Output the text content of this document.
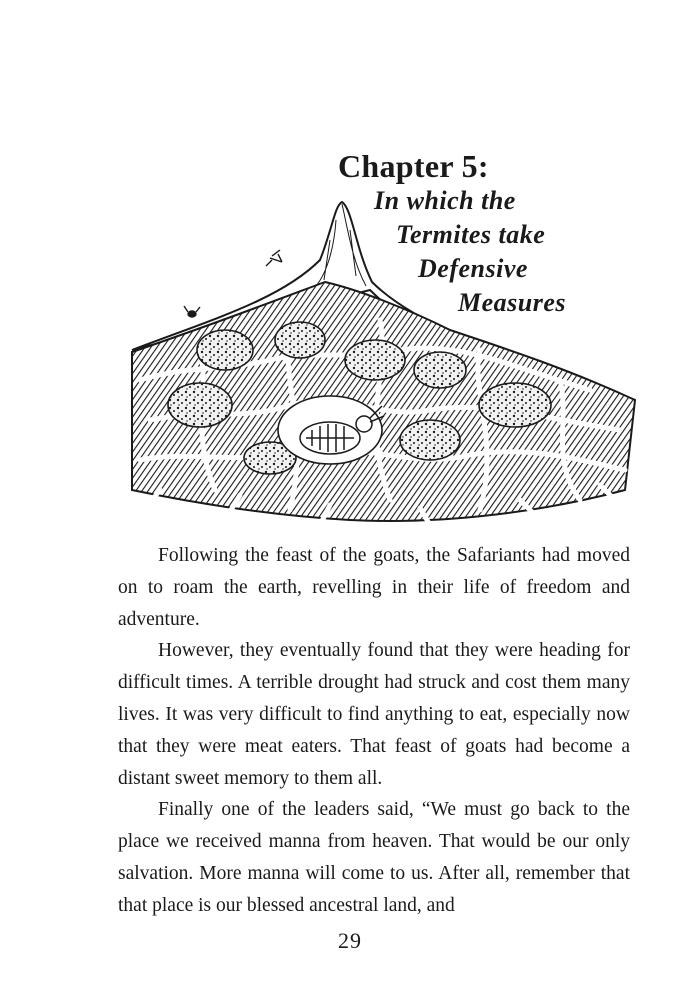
Chapter 5:
In which the
Termites take
Defensive
Measures

Following the feast of the goats, the Safariants had moved on to roam the earth, revelling in their life of freedom and adventure.

However, they eventually found that they were heading for difficult times. A terrible drought had struck and cost them many lives. It was very difficult to find anything to eat, especially now that they were meat eaters. That feast of goats had become a distant sweet memory to them all.

Finally one of the leaders said, “We must go back to the place we received manna from heaven. That would be our only salvation. More manna will come to us. After all, remember that that place is our blessed ancestral land, and

29
